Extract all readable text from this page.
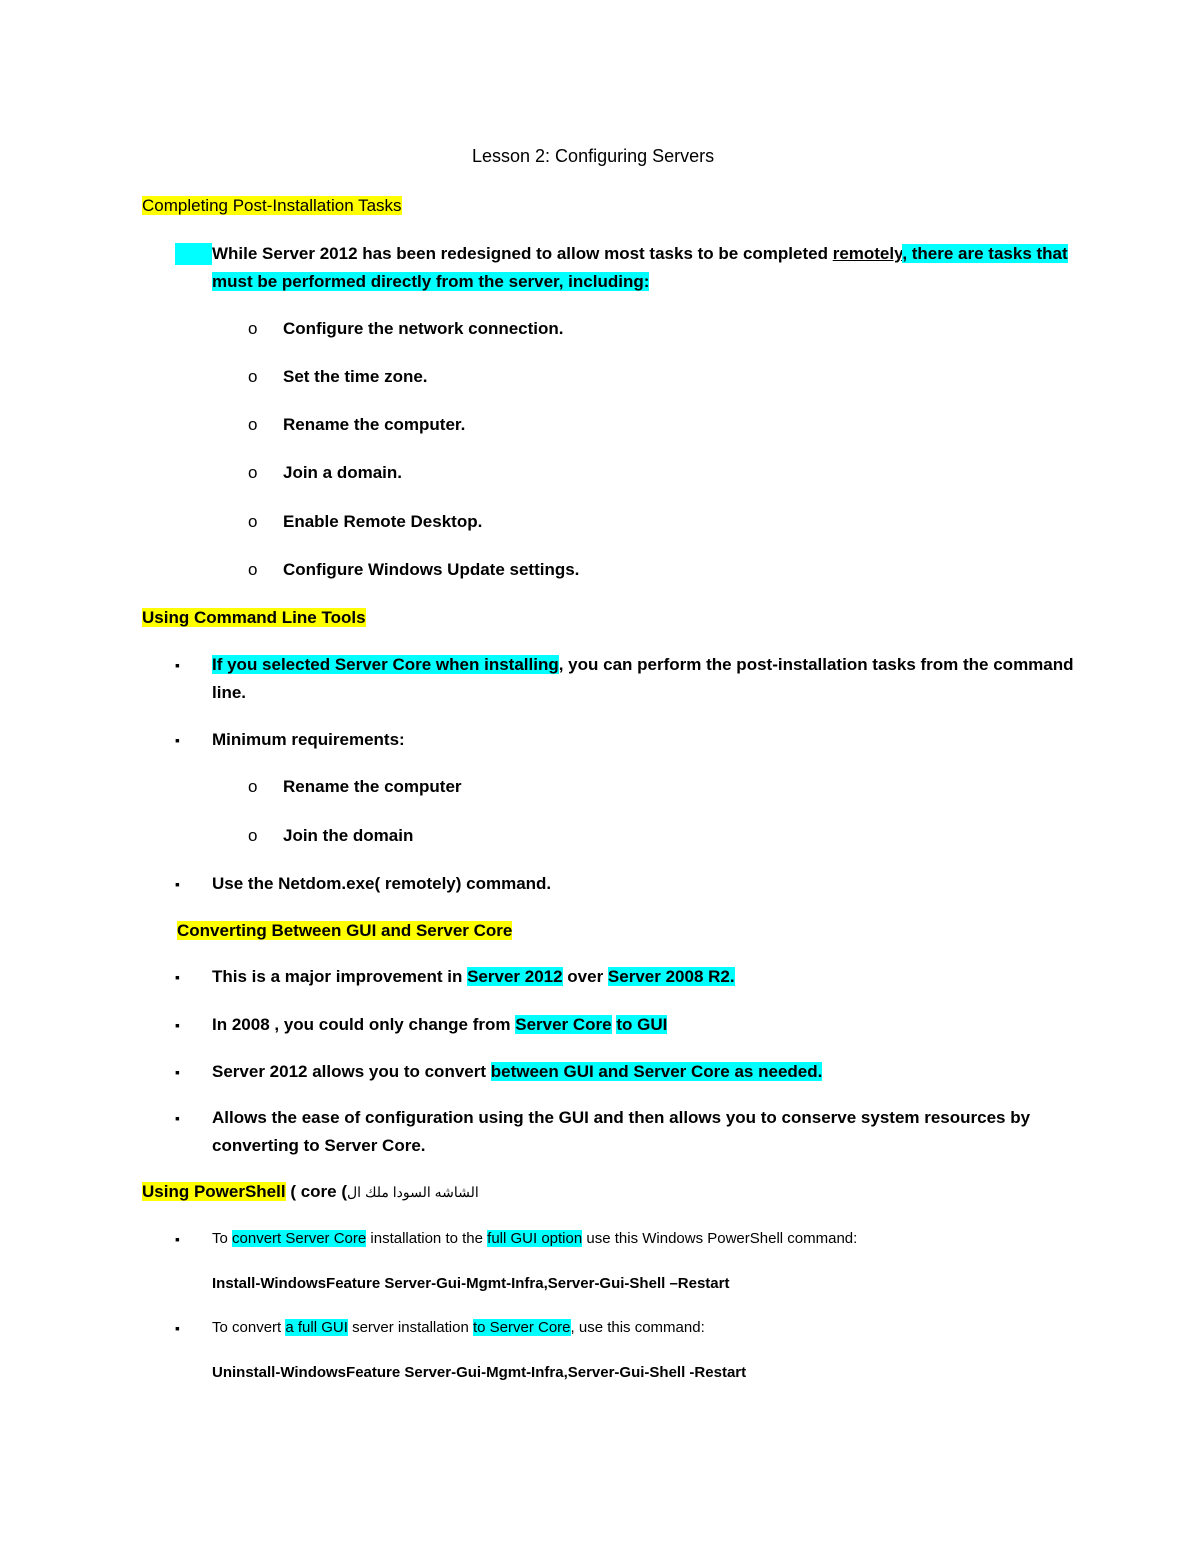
Lesson 2: Configuring Servers
Completing Post-Installation Tasks
While Server 2012 has been redesigned to allow most tasks to be completed remotely, there are tasks that
must be performed directly from the server, including:
o Configure the network connection.
o Set the time zone.
o Rename the computer.
o Join a domain.
o Enable Remote Desktop.
o Configure Windows Update settings.
Using Command Line Tools
▪ If you selected Server Core when installing, you can perform the post-installation tasks from the command
line.
▪ Minimum requirements:
o Rename the computer
o Join the domain
▪ Use the Netdom.exe( remotely) command.
Converting Between GUI and Server Core
▪ This is a major improvement in Server 2012 over Server 2008 R2.
▪ In 2008 , you could only change from Server Core to GUI
▪ Server 2012 allows you to convert between GUI and Server Core as needed.
▪ Allows the ease of configuration using the GUI and then allows you to conserve system resources by
converting to Server Core.
Using PowerShell ( core (الشاشه السودا ملك ال
▪ To convert Server Core installation to the full GUI option use this Windows PowerShell command:
Install-WindowsFeature Server-Gui-Mgmt-Infra,Server-Gui-Shell –Restart
▪ To convert a full GUI server installation to Server Core, use this command:
Uninstall-WindowsFeature Server-Gui-Mgmt-Infra,Server-Gui-Shell -Restart
